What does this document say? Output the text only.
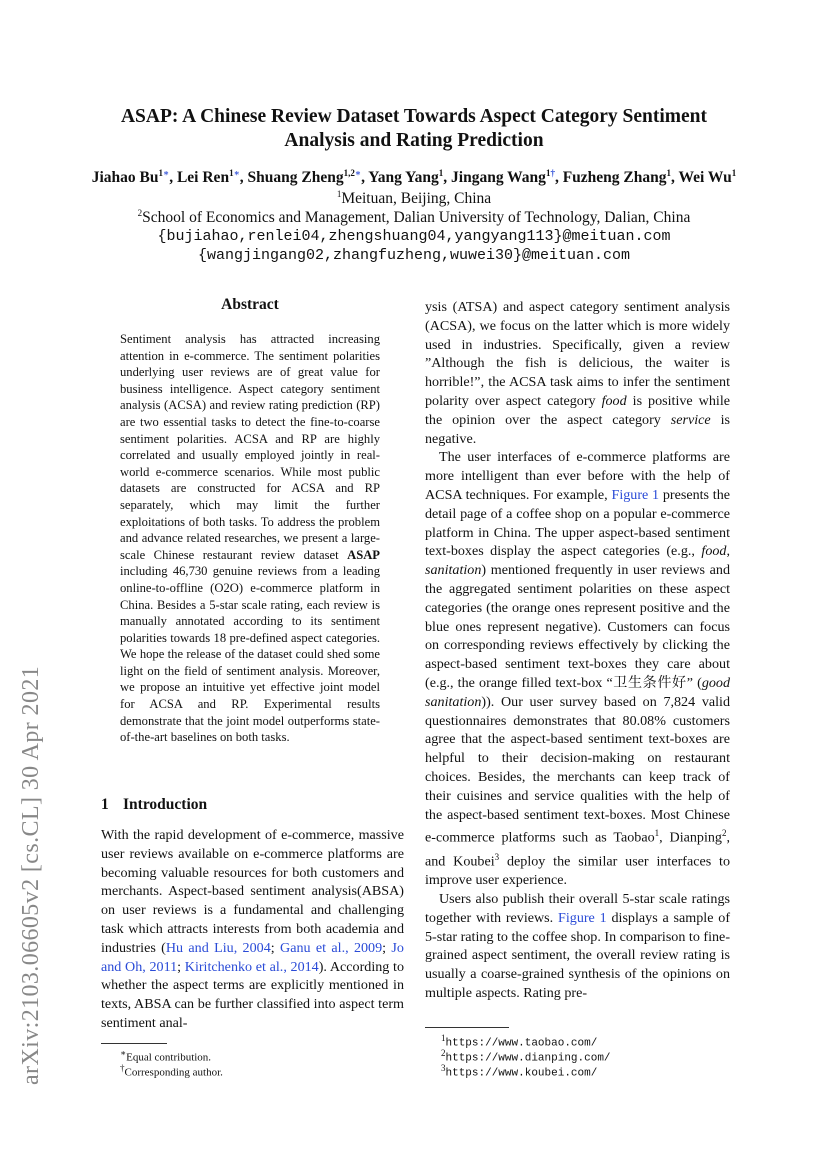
arXiv:2103.06605v2 [cs.CL] 30 Apr 2021
ASAP: A Chinese Review Dataset Towards Aspect Category Sentiment
Analysis and Rating Prediction
Jiahao $Bu^{1∗}$, Lei Ren$^{1∗}$, Shuang Zheng$^{1,2∗}$, Yang Yang$^1$, Jingang Wang$^{1\dagger}$, Fuzheng Zhang$^1$, Wei Wu$^1$
$^1$Meituan, Beijing, China
$^2$School of Economics and Management, Dalian University of Technology, Dalian, China
{bujiahao,renlei04,zhengshuang04,yangyang113}@meituan.com
{wangjingang02,zhangfuzheng,wuwei30}@meituan.com
Abstract
Sentiment analysis has attracted increasing attention in e-commerce. The sentiment polarities underlying user reviews are of great value for business intelligence. Aspect category sentiment analysis (ACSA) and review rating prediction (RP) are two essential tasks to detect the fine-to-coarse sentiment polarities. ACSA and RP are highly correlated and usually employed jointly in real-world e-commerce scenarios. While most public datasets are constructed for ACSA and RP separately, which may limit the further exploitations of both tasks. To address the problem and advance related researches, we present a large-scale Chinese restaurant review dataset ASAP including 46,730 genuine reviews from a leading online-to-offline (O2O) e-commerce platform in China. Besides a 5-star scale rating, each review is manually annotated according to its sentiment polarities towards 18 pre-defined aspect categories. We hope the release of the dataset could shed some light on the field of sentiment analysis. Moreover, we propose an intuitive yet effective joint model for ACSA and RP. Experimental results demonstrate that the joint model outperforms state-of-the-art baselines on both tasks.
1 Introduction
With the rapid development of e-commerce, massive user reviews available on e-commerce platforms are becoming valuable resources for both customers and merchants. Aspect-based sentiment analysis(ABSA) on user reviews is a fundamental and challenging task which attracts interests from both academia and industries (Hu and Liu, 2004; Ganu et al., 2009; Jo and Oh, 2011; Kiritchenko et al., 2014). According to whether the aspect terms are explicitly mentioned in texts, ABSA can be further classified into aspect term sentiment anal-
∗Equal contribution.
†Corresponding author.

ysis (ATSA) and aspect category sentiment analysis (ACSA), we focus on the latter which is more widely used in industries. Specifically, given a review ”Although the fish is delicious, the waiter is horrible!”, the ACSA task aims to infer the sentiment polarity over aspect category food is positive while the opinion over the aspect category service is negative.

The user interfaces of e-commerce platforms are more intelligent than ever before with the help of ACSA techniques. For example, Figure 1 presents the detail page of a coffee shop on a popular e-commerce platform in China. The upper aspect-based sentiment text-boxes display the aspect categories (e.g., food, sanitation) mentioned frequently in user reviews and the aggregated sentiment polarities on these aspect categories (the orange ones represent positive and the blue ones represent negative). Customers can focus on corresponding reviews effectively by clicking the aspect-based sentiment text-boxes they care about (e.g., the orange filled text-box “卫生条件好” (good sanitation)). Our user survey based on 7,824 valid questionnaires demonstrates that 80.08% customers agree that the aspect-based sentiment text-boxes are helpful to their decision-making on restaurant choices. Besides, the merchants can keep track of their cuisines and service qualities with the help of the aspect-based sentiment text-boxes. Most Chinese e-commerce platforms such as Taobao$^1$, Dianping$^2$, and Koubei$^3$ deploy the similar user interfaces to improve user experience.

Users also publish their overall 5-star scale ratings together with reviews. Figure 1 displays a sample of 5-star rating to the coffee shop. In comparison to fine-grained aspect sentiment, the overall review rating is usually a coarse-grained synthesis of the opinions on multiple aspects. Rating pre-

$^1$https://www.taobao.com/
$^2$https://www.dianping.com/
$^3$https://www.koubei.com/
